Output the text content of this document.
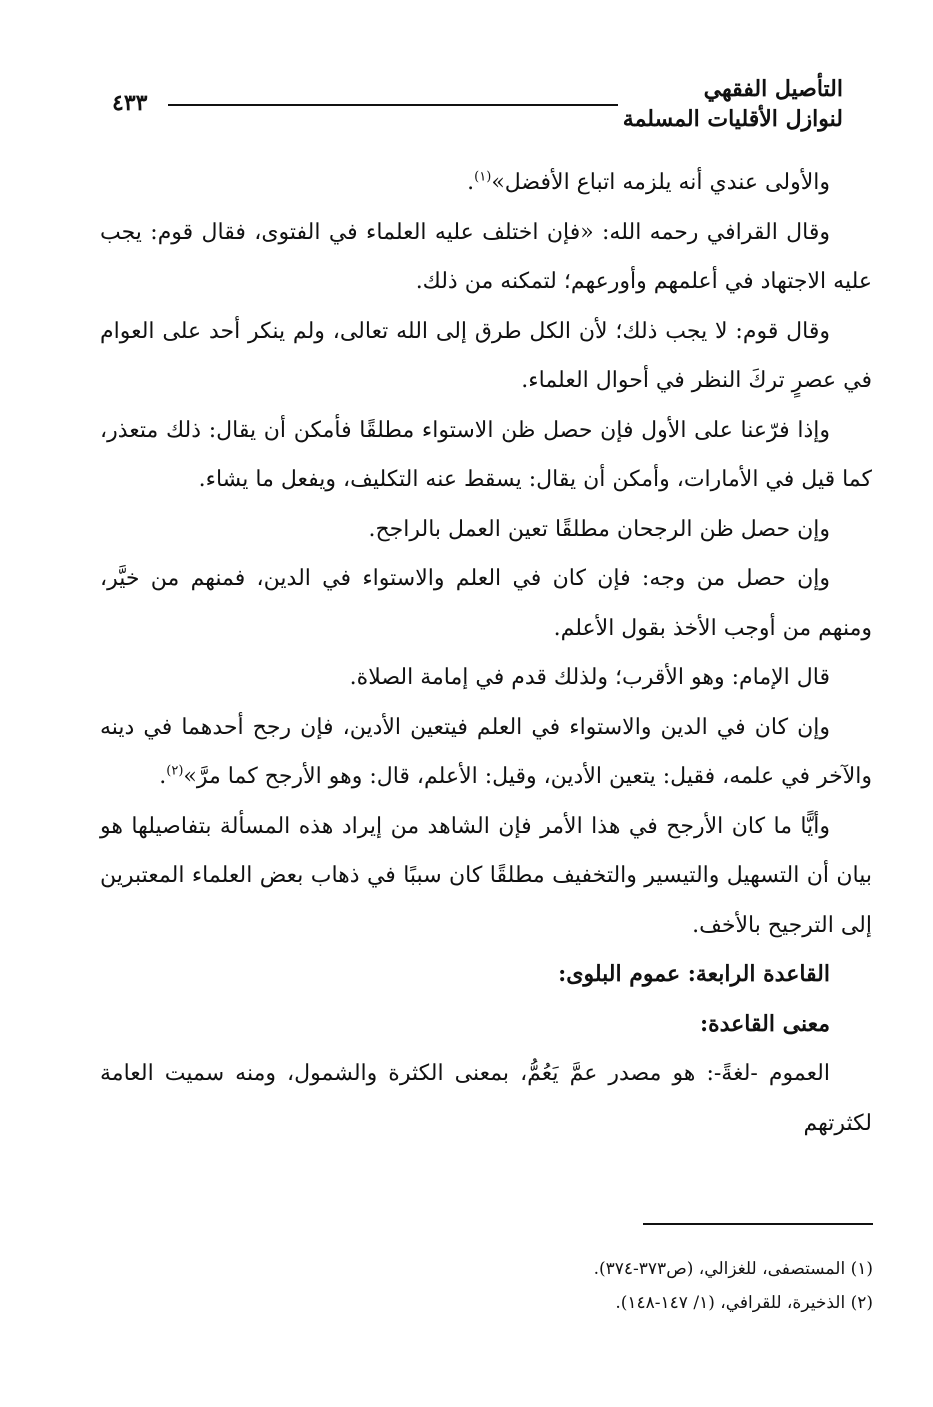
التأصيل الفقهي
لنوازل الأقليات المسلمة
٤٣٣

والأولى عندي أنه يلزمه اتباع الأفضل»$^{(١)}$.

وقال القرافي رحمه الله: «فإن اختلف عليه العلماء في الفتوى، فقال قوم: يجب عليه الاجتهاد في أعلمهم وأورعهم؛ لتمكنه من ذلك.

وقال قوم: لا يجب ذلك؛ لأن الكل طرق إلى الله تعالى، ولم ينكر أحد على العوام في عصرٍ تركَ النظر في أحوال العلماء.

وإذا فرّعنا على الأول فإن حصل ظن الاستواء مطلقًا فأمكن أن يقال: ذلك متعذر، كما قيل في الأمارات، وأمكن أن يقال: يسقط عنه التكليف، ويفعل ما يشاء.

وإن حصل ظن الرجحان مطلقًا تعين العمل بالراجح.

وإن حصل من وجه: فإن كان في العلم والاستواء في الدين، فمنهم من خيَّر، ومنهم من أوجب الأخذ بقول الأعلم.

قال الإمام: وهو الأقرب؛ ولذلك قدم في إمامة الصلاة.

وإن كان في الدين والاستواء في العلم فيتعين الأدين، فإن رجح أحدهما في دينه والآخر في علمه، فقيل: يتعين الأدين، وقيل: الأعلم، قال: وهو الأرجح كما مرَّ»$^{(٢)}$.

وأيًّا ما كان الأرجح في هذا الأمر فإن الشاهد من إيراد هذه المسألة بتفاصيلها هو بيان أن التسهيل والتيسير والتخفيف مطلقًا كان سببًا في ذهاب بعض العلماء المعتبرين إلى الترجيح بالأخف.

القاعدة الرابعة: عموم البلوى:

معنى القاعدة:

العموم -لغةً-: هو مصدر عمَّ يَعُمُّ، بمعنى الكثرة والشمول، ومنه سميت العامة لكثرتهم

(١) المستصفى، للغزالي، (ص٣٧٣-٣٧٤).
(٢) الذخيرة، للقرافي، (١/ ١٤٧-١٤٨).
